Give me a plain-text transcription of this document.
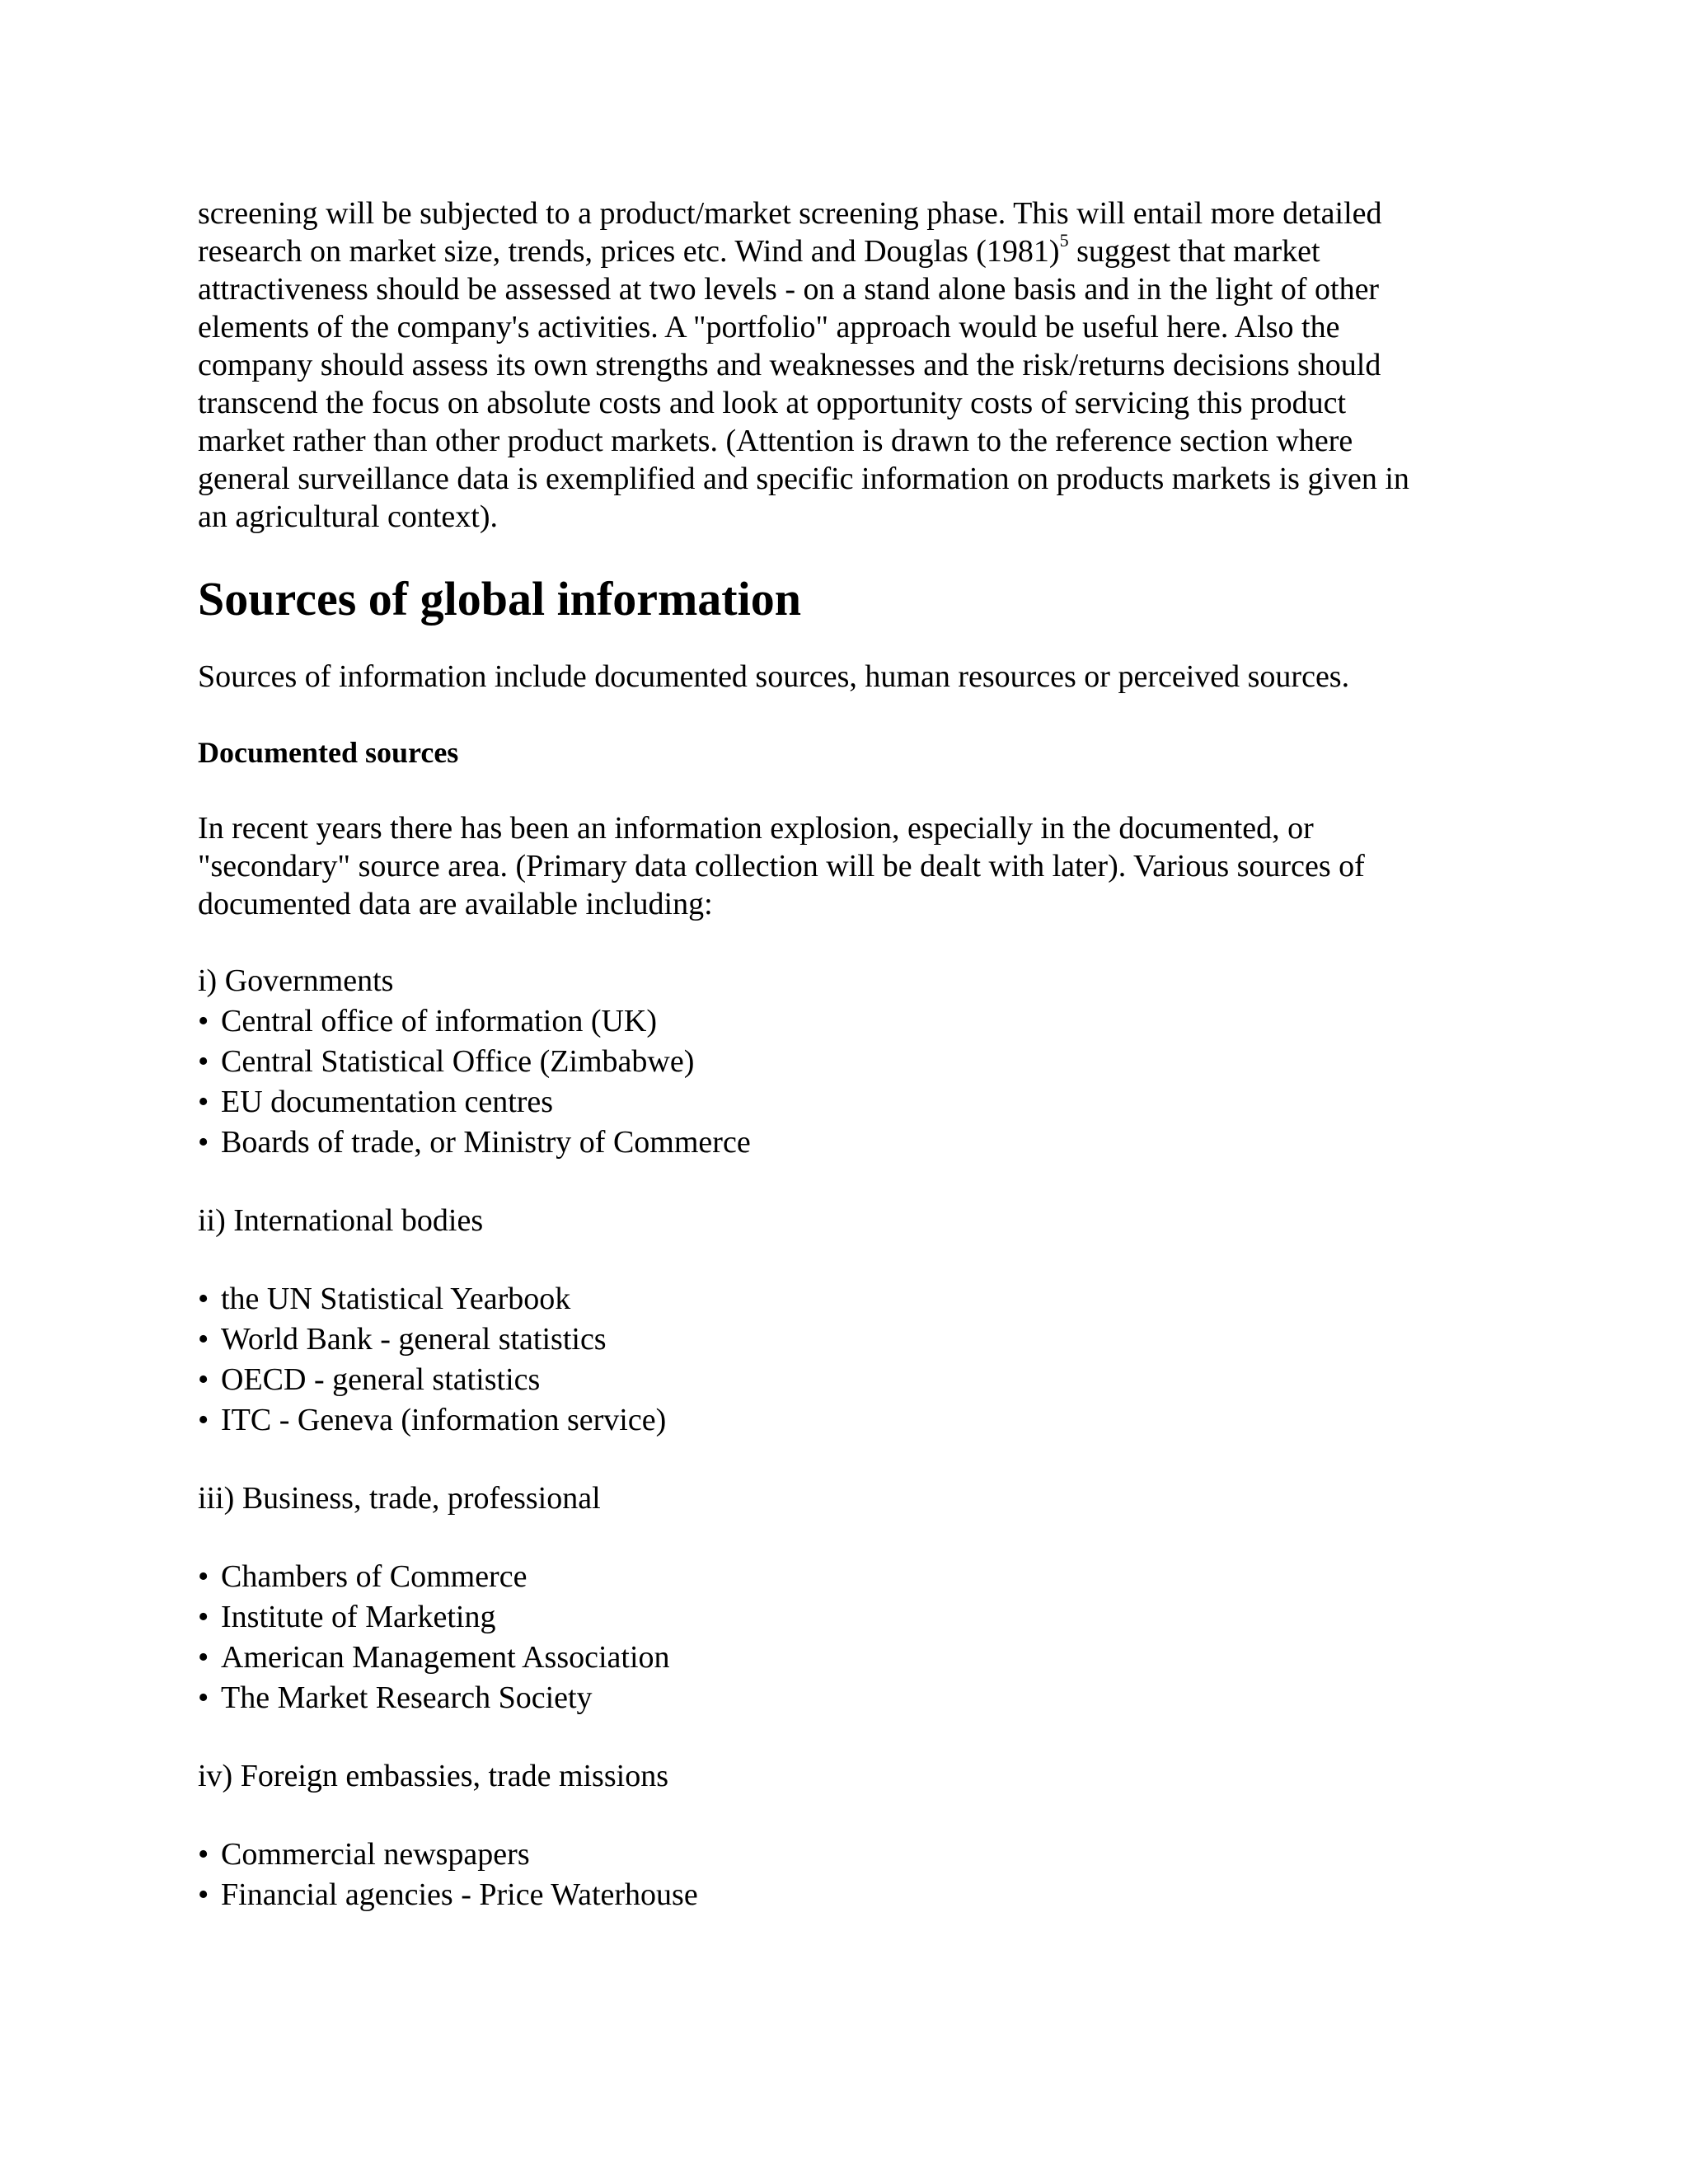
screening will be subjected to a product/market screening phase. This will entail more detailed
research on market size, trends, prices etc. Wind and Douglas $(1981)^5$ suggest that market
attractiveness should be assessed at two levels - on a stand alone basis and in the light of other
elements of the company's activities. A "portfolio" approach would be useful here. Also the
company should assess its own strengths and weaknesses and the risk/returns decisions should
transcend the focus on absolute costs and look at opportunity costs of servicing this product
market rather than other product markets. (Attention is drawn to the reference section where
general surveillance data is exemplified and specific information on products markets is given in
an agricultural context).

Sources of global information

Sources of information include documented sources, human resources or perceived sources.

Documented sources

In recent years there has been an information explosion, especially in the documented, or
"secondary" source area. (Primary data collection will be dealt with later). Various sources of
documented data are available including:

i) Governments

• Central office of information (UK)
• Central Statistical Office (Zimbabwe)
• EU documentation centres
• Boards of trade, or Ministry of Commerce

ii) International bodies

• the UN Statistical Yearbook
• World Bank - general statistics
• OECD - general statistics
• ITC - Geneva (information service)

iii) Business, trade, professional

• Chambers of Commerce
• Institute of Marketing
• American Management Association
• The Market Research Society

iv) Foreign embassies, trade missions

• Commercial newspapers
• Financial agencies - Price Waterhouse
